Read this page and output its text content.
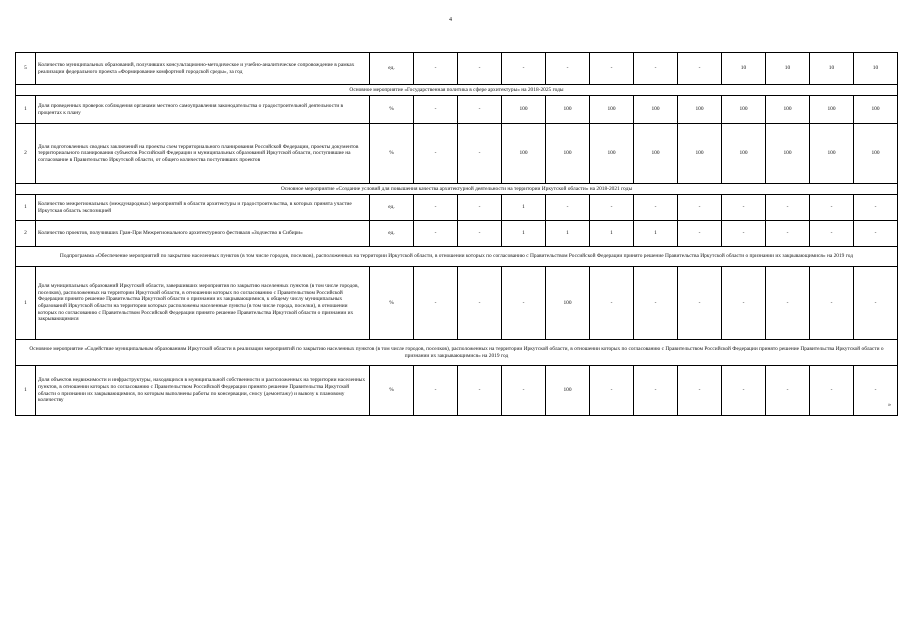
4
5	Количество муниципальных образований, получивших консультационно-методическое и учебно-аналитическое сопровождение в рамках реализации федерального проекта «Формирование комфортной городской среды», за год	ед.	-	-	-	-	-	-	-	10	10	10	10
Основное мероприятие «Государственная политика в сфере архитектуры» на 2018-2025 годы													
1	Доля проведенных проверок соблюдения органами местного самоуправления законодательства о градостроительной деятельности в процентах к плану	%	-	-	100	100	100	100	100	100	100	100	100
2	Доля подготовленных сводных заключений на проекты схем территориального планирования Российской Федерации, проекты документов территориального планирования субъектов Российской Федерации и муниципальных образований Иркутской области, поступившие на согласование в Правительство Иркутской области, от общего количества поступивших проектов	%	-	-	100	100	100	100	100	100	100	100	100
Основное мероприятие «Создание условий для повышения качества архитектурной деятельности на территории Иркутской области» на 2018-2021 годы													
1	Количество межрегиональных (международных) мероприятий в области архитектуры и градостроительства, в которых принята участие Иркутская область экспозицией	ед.	-	-	1	-	-	-	-	-	-	-	-
2	Количество проектов, получивших Гран-При Межрегионального архитектурного фестиваля «Зодчество в Сибири»	ед.	-	-	1	1	1	1	-	-	-	-	-
Подпрограмма «Обеспечение мероприятий по закрытию населенных пунктов (в том числе городов, поселков), расположенных на территории Иркутской области, в отношении которых по согласованию с Правительством Российской Федерации принято решение Правительства Иркутской области о признании их закрывающимися» на 2019 год													
1	Доля муниципальных образований Иркутской области, завершивших мероприятия по закрытию населенных пунктов (в том числе городов, поселков), расположенных на территории Иркутской области, в отношении которых по согласованию с Правительством Российской Федерации принято решение Правительства Иркутской области о признании их закрывающимися, к общему числу муниципальных образований Иркутской области на территории которых расположены населенные пункты (в том числе города, поселки), в отношении которых по согласованию с Правительством Российской Федерации принято решение Правительства Иркутской области о признании их закрывающимися	%	-	-	-	100	-	-	-	-	-	-	-
Основное мероприятие «Содействие муниципальным образованиям Иркутской области в реализации мероприятий по закрытию населенных пунктов (в том числе городов, поселков), расположенных на территории Иркутской области, в отношении которых по согласованию с Правительством Российской Федерации принято решение Правительства Иркутской области о признании их закрывающимися» на 2019 год													
1	Доля объектов недвижимости и инфраструктуры, находящихся в муниципальной собственности и расположенных на территории населенных пунктов, в отношении которых по согласованию с Правительством Российской Федерации принято решение Правительства Иркутской области о признании их закрывающимися, по которым выполнены работы по консервации, сносу (демонтажу) и вывозу к плановому количеству	%	-	-	-	100	-	-	-	-	-	-	-
»
